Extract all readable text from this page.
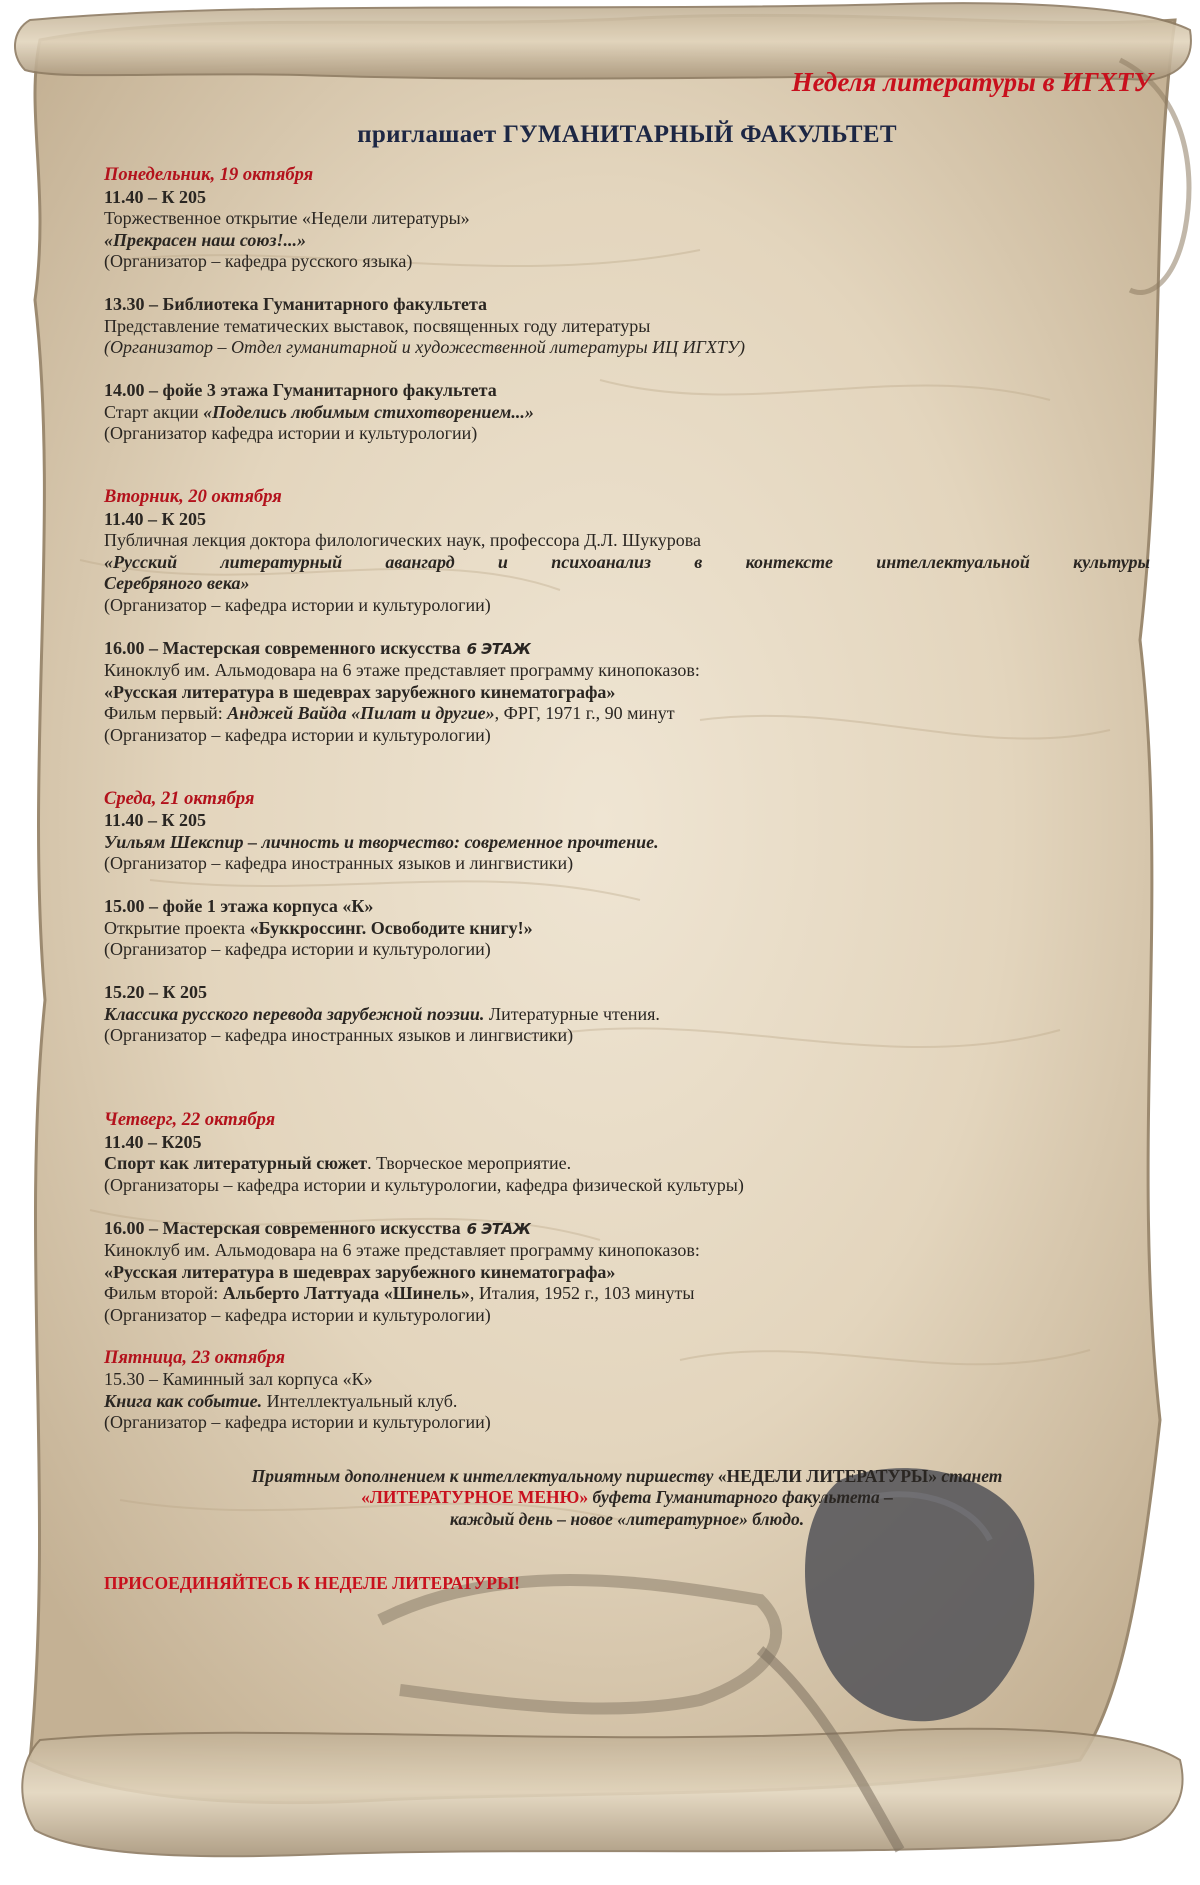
Неделя литературы в ИГХТУ
приглашает ГУМАНИТАРНЫЙ ФАКУЛЬТЕТ
Понедельник, 19 октября
11.40 – К 205
Торжественное открытие «Недели литературы»
«Прекрасен наш союз!...»
(Организатор – кафедра русского языка)
13.30 – Библиотека Гуманитарного факультета
Представление тематических выставок, посвященных году литературы
(Организатор – Отдел гуманитарной и художественной литературы ИЦ ИГХТУ)
14.00 – фойе 3 этажа Гуманитарного факультета
Старт акции «Поделись любимым стихотворением...»
(Организатор кафедра истории и культурологии)
Вторник, 20 октября
11.40 – К 205
Публичная лекция доктора филологических наук, профессора Д.Л. Шукурова
«Русский литературный авангард и психоанализ в контексте интеллектуальной культуры
Серебряного века»
(Организатор – кафедра истории и культурологии)
16.00 – Мастерская современного искусства 6 ЭТАЖ
Киноклуб им. Альмодовара на 6 этаже представляет программу кинопоказов:
«Русская литература в шедеврах зарубежного кинематографа»
Фильм первый: Анджей Вайда «Пилат и другие», ФРГ, 1971 г., 90 минут
(Организатор – кафедра истории и культурологии)
Среда, 21 октября
11.40 – К 205
Уильям Шекспир – личность и творчество: современное прочтение.
(Организатор – кафедра иностранных языков и лингвистики)
15.00 – фойе 1 этажа корпуса «К»
Открытие проекта «Буккроссинг. Освободите книгу!»
(Организатор – кафедра истории и культурологии)
15.20 – К 205
Классика русского перевода зарубежной поэзии. Литературные чтения.
(Организатор – кафедра иностранных языков и лингвистики)
Четверг, 22 октября
11.40 – К205
Спорт как литературный сюжет. Творческое мероприятие.
(Организаторы – кафедра истории и культурологии, кафедра физической культуры)
16.00 – Мастерская современного искусства 6 ЭТАЖ
Киноклуб им. Альмодовара на 6 этаже представляет программу кинопоказов:
«Русская литература в шедеврах зарубежного кинематографа»
Фильм второй: Альберто Латтуада «Шинель», Италия, 1952 г., 103 минуты
(Организатор – кафедра истории и культурологии)
Пятница, 23 октября
15.30 – Каминный зал корпуса «К»
Книга как событие. Интеллектуальный клуб.
(Организатор – кафедра истории и культурологии)
Приятным дополнением к интеллектуальному пиршеству «НЕДЕЛИ ЛИТЕРАТУРЫ» станет
«ЛИТЕРАТУРНОЕ МЕНЮ» буфета Гуманитарного факультета –
каждый день – новое «литературное» блюдо.
ПРИСОЕДИНЯЙТЕСЬ К НЕДЕЛЕ ЛИТЕРАТУРЫ!
